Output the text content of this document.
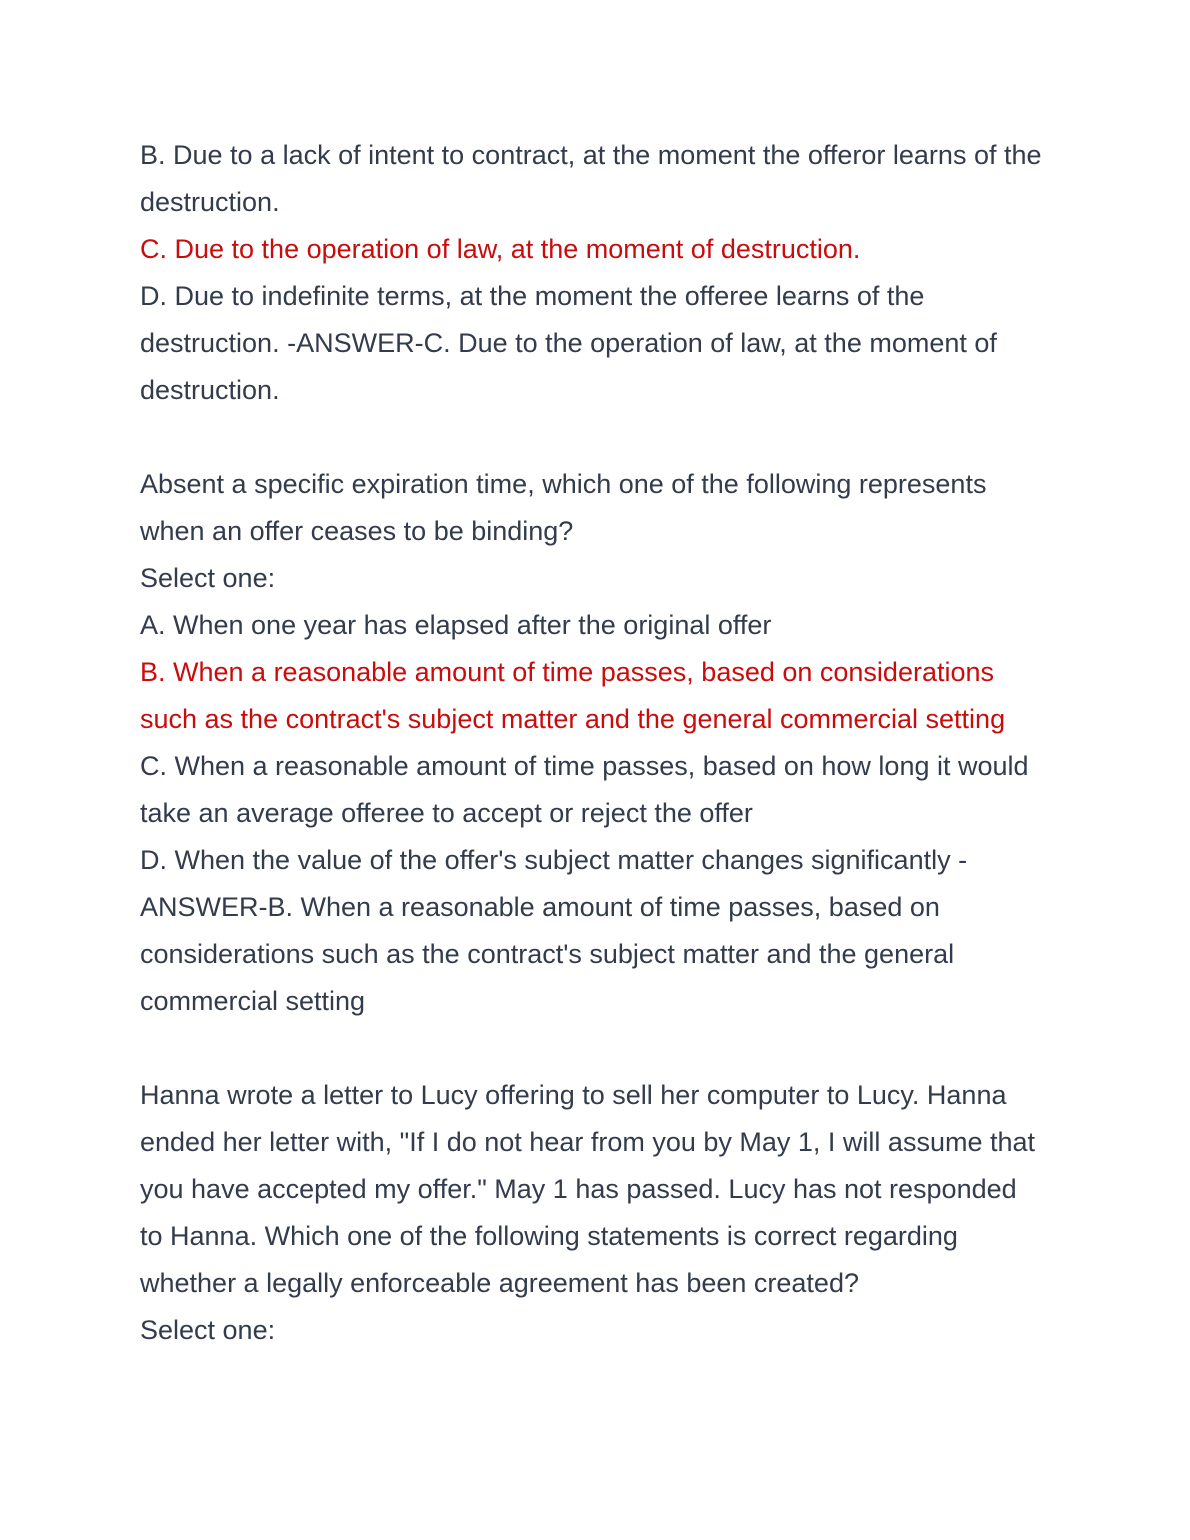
B. Due to a lack of intent to contract, at the moment the offeror learns of the destruction.

C. Due to the operation of law, at the moment of destruction.

D. Due to indefinite terms, at the moment the offeree learns of the destruction. -ANSWER-C. Due to the operation of law, at the moment of destruction.

Absent a specific expiration time, which one of the following represents when an offer ceases to be binding?

Select one:

A. When one year has elapsed after the original offer

B. When a reasonable amount of time passes, based on considerations such as the contract's subject matter and the general commercial setting

C. When a reasonable amount of time passes, based on how long it would take an average offeree to accept or reject the offer

D. When the value of the offer's subject matter changes significantly -ANSWER-B. When a reasonable amount of time passes, based on considerations such as the contract's subject matter and the general commercial setting

Hanna wrote a letter to Lucy offering to sell her computer to Lucy. Hanna ended her letter with, "If I do not hear from you by May 1, I will assume that you have accepted my offer." May 1 has passed. Lucy has not responded to Hanna. Which one of the following statements is correct regarding whether a legally enforceable agreement has been created?

Select one:
